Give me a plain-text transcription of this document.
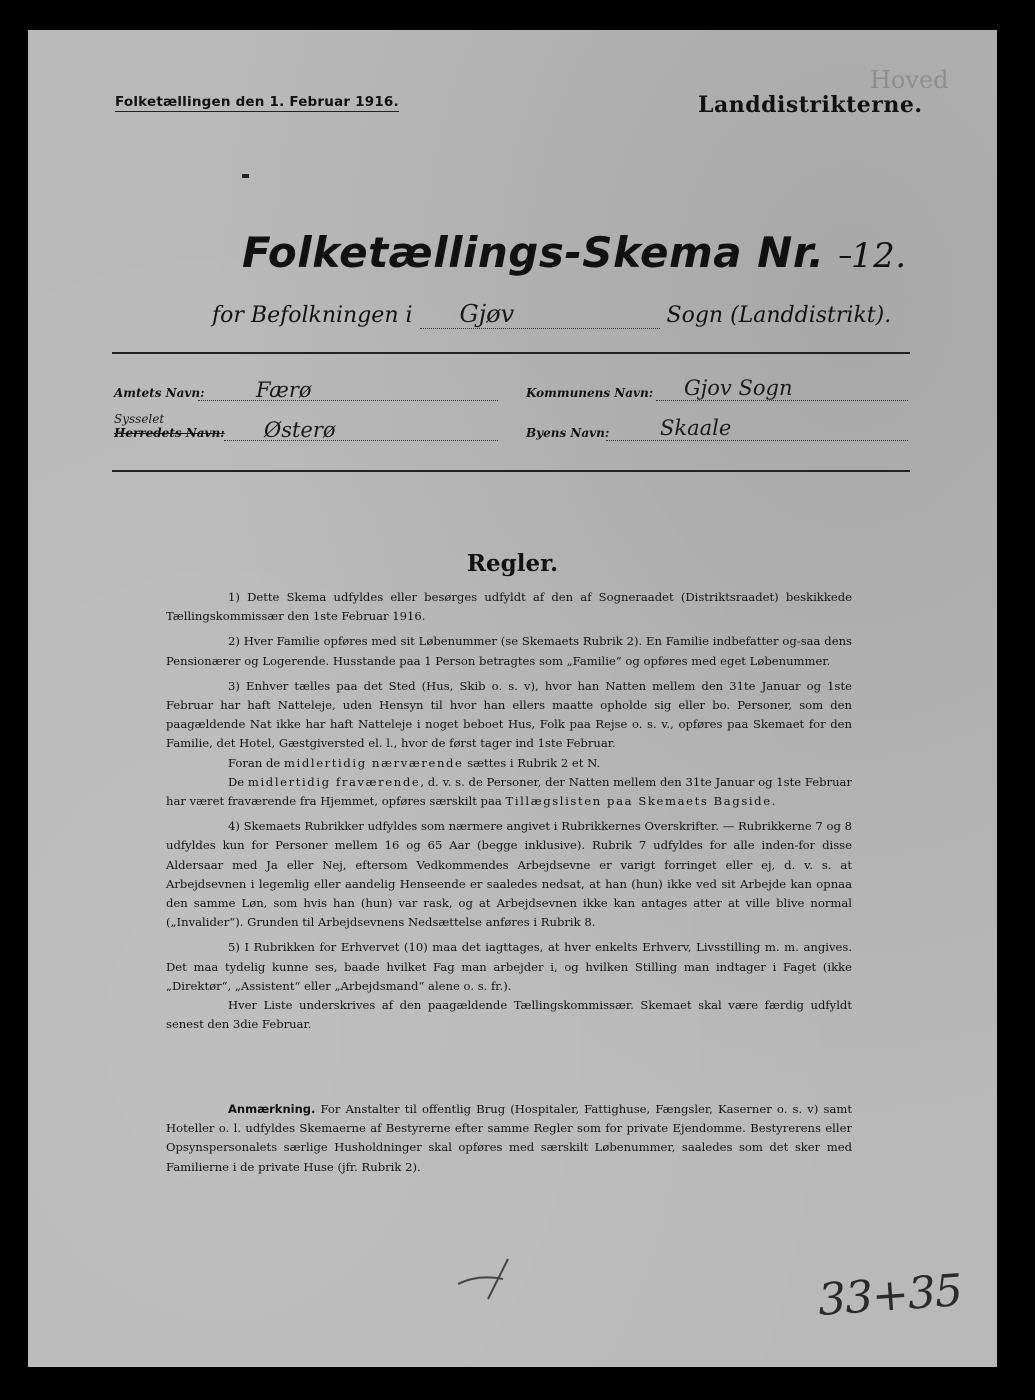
Hoved
Folketællingen den 1. Februar 1916.	Landdistrikterne.
Folketællings-Skema Nr. 12.
for Befolkningen i Gjøv	Sogn (Landdistrikt).
Amtets Navn:	Færø	Kommunens Navn:	Gjov Sogn
Sysselet
Herredets Navn:	Østerø	Byens Navn:	Skaale
Regler.

1) Dette Skema udfyldes eller besørges udfyldt af den af Sogneraadet (Distriktsraadet) beskikkede Tællingskommissær den 1ste Februar 1916.

2) Hver Familie opføres med sit Løbenummer (se Skemaets Rubrik 2). En Familie indbefatter og-saa dens Pensionærer og Logerende. Husstande paa 1 Person betragtes som „Familie“ og opføres med eget Løbenummer.

3) Enhver tælles paa det Sted (Hus, Skib o. s. v), hvor han Natten mellem den 31te Januar og 1ste Februar har haft Natteleje, uden Hensyn til hvor han ellers maatte opholde sig eller bo. Personer, som den paagældende Nat ikke har haft Natteleje i noget beboet Hus, Folk paa Rejse o. s. v., opføres paa Skemaet for den Familie, det Hotel, Gæstgiversted el. l., hvor de først tager ind 1ste Februar.

Foran de midlertidig nærværende sættes i Rubrik 2 et N.

De midlertidig fraværende, d. v. s. de Personer, der Natten mellem den 31te Januar og 1ste Februar har været fraværende fra Hjemmet, opføres særskilt paa Tillægslisten paa Skemaets Bagside.

4) Skemaets Rubrikker udfyldes som nærmere angivet i Rubrikkernes Overskrifter. — Rubrikkerne 7 og 8 udfyldes kun for Personer mellem 16 og 65 Aar (begge inklusive). Rubrik 7 udfyldes for alle inden-for disse Aldersaar med Ja eller Nej, eftersom Vedkommendes Arbejdsevne er varigt forringet eller ej, d. v. s. at Arbejdsevnen i legemlig eller aandelig Henseende er saaledes nedsat, at han (hun) ikke ved sit Arbejde kan opnaa den samme Løn, som hvis han (hun) var rask, og at Arbejdsevnen ikke kan antages atter at ville blive normal („Invalider“). Grunden til Arbejdsevnens Nedsættelse anføres i Rubrik 8.

5) I Rubrikken for Erhvervet (10) maa det iagttages, at hver enkelts Erhverv, Livsstilling m. m. angives. Det maa tydelig kunne ses, baade hvilket Fag man arbejder i, og hvilken Stilling man indtager i Faget (ikke „Direktør“, „Assistent“ eller „Arbejdsmand“ alene o. s. fr.).

Hver Liste underskrives af den paagældende Tællingskommissær. Skemaet skal være færdig udfyldt senest den 3die Februar.

Anmærkning. For Anstalter til offentlig Brug (Hospitaler, Fattighuse, Fængsler, Kaserner o. s. v) samt Hoteller o. l. udfyldes Skemaerne af Bestyrerne efter samme Regler som for private Ejendomme. Bestyrerens eller Opsynspersonalets særlige Husholdninger skal opføres med særskilt Løbenummer, saaledes som det sker med Familierne i de private Huse (jfr. Rubrik 2).
33+35
